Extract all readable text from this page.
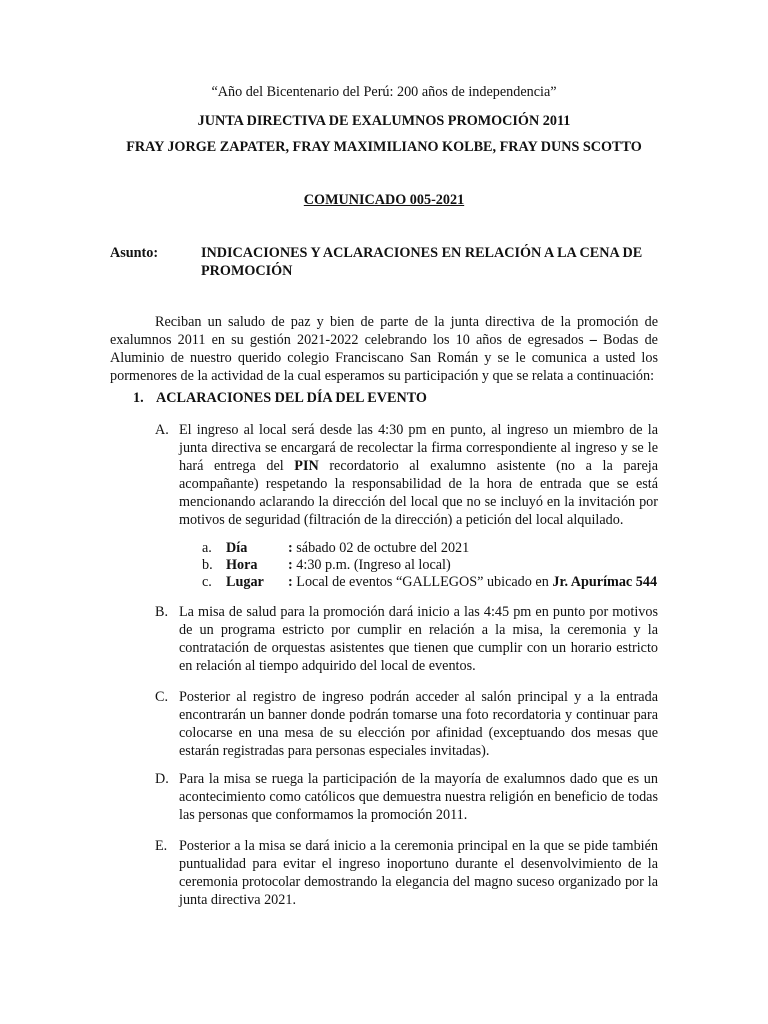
“Año del Bicentenario del Perú: 200 años de independencia”
JUNTA DIRECTIVA DE EXALUMNOS PROMOCIÓN 2011
FRAY JORGE ZAPATER, FRAY MAXIMILIANO KOLBE, FRAY DUNS SCOTTO
COMUNICADO 005-2021
Asunto:	INDICACIONES Y ACLARACIONES EN RELACIÓN A LA CENA DE PROMOCIÓN
Reciban un saludo de paz y bien de parte de la junta directiva de la promoción de exalumnos 2011 en su gestión 2021-2022 celebrando los 10 años de egresados – Bodas de Aluminio de nuestro querido colegio Franciscano San Román y se le comunica a usted los pormenores de la actividad de la cual esperamos su participación y que se relata a continuación:
1. ACLARACIONES DEL DÍA DEL EVENTO
A. El ingreso al local será desde las 4:30 pm en punto, al ingreso un miembro de la junta directiva se encargará de recolectar la firma correspondiente al ingreso y se le hará entrega del PIN recordatorio al exalumno asistente (no a la pareja acompañante) respetando la responsabilidad de la hora de entrada que se está mencionando aclarando la dirección del local que no se incluyó en la invitación por motivos de seguridad (filtración de la dirección) a petición del local alquilado.
a. Día	: sábado 02 de octubre del 2021
b. Hora : 4:30 p.m. (Ingreso al local)
c. Lugar : Local de eventos “GALLEGOS” ubicado en Jr. Apurímac 544
B. La misa de salud para la promoción dará inicio a las 4:45 pm en punto por motivos de un programa estricto por cumplir en relación a la misa, la ceremonia y la contratación de orquestas asistentes que tienen que cumplir con un horario estricto en relación al tiempo adquirido del local de eventos.
C. Posterior al registro de ingreso podrán acceder al salón principal y a la entrada encontrarán un banner donde podrán tomarse una foto recordatoria y continuar para colocarse en una mesa de su elección por afinidad (exceptuando dos mesas que estarán registradas para personas especiales invitadas).
D. Para la misa se ruega la participación de la mayoría de exalumnos dado que es un acontecimiento como católicos que demuestra nuestra religión en beneficio de todas las personas que conformamos la promoción 2011.
E. Posterior a la misa se dará inicio a la ceremonia principal en la que se pide también puntualidad para evitar el ingreso inoportuno durante el desenvolvimiento de la ceremonia protocolar demostrando la elegancia del magno suceso organizado por la junta directiva 2021.
